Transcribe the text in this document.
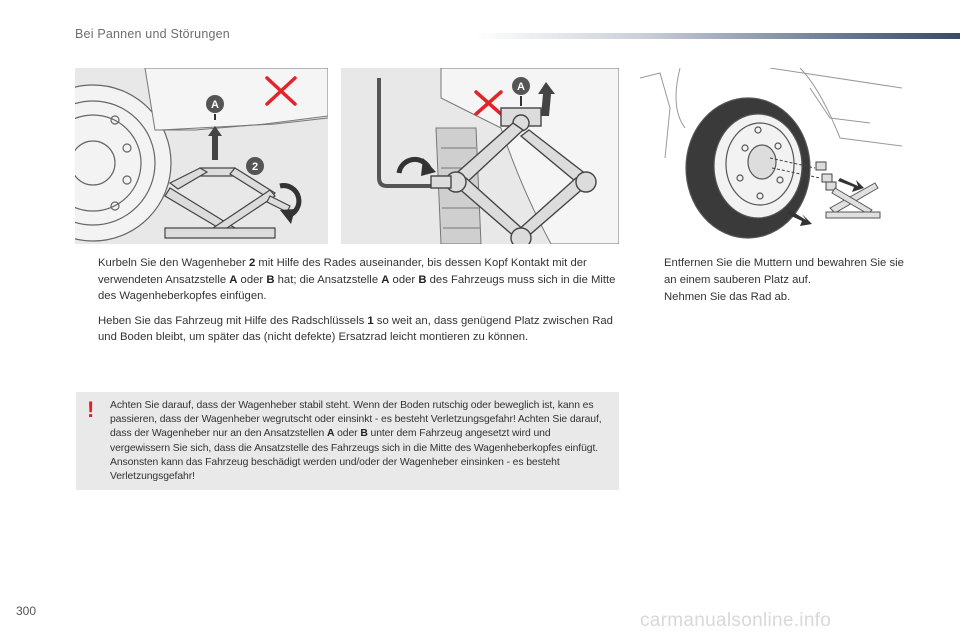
Bei Pannen und Störungen
A
2
A
Kurbeln Sie den Wagenheber 2 mit Hilfe des Rades auseinander, bis dessen Kopf Kontakt mit der verwendeten Ansatzstelle A oder B hat; die Ansatzstelle A oder B des Fahrzeugs muss sich in die Mitte des Wagenheberkopfes einfügen.
Heben Sie das Fahrzeug mit Hilfe des Radschlüssels 1 so weit an, dass genügend Platz zwischen Rad und Boden bleibt, um später das (nicht defekte) Ersatzrad leicht montieren zu können.
Entfernen Sie die Muttern und bewahren Sie sie an einem sauberen Platz auf.
Nehmen Sie das Rad ab.
! Achten Sie darauf, dass der Wagenheber stabil steht. Wenn der Boden rutschig oder beweglich ist, kann es passieren, dass der Wagenheber wegrutscht oder einsinkt - es besteht Verletzungsgefahr! Achten Sie darauf, dass der Wagenheber nur an den Ansatzstellen A oder B unter dem Fahrzeug angesetzt wird und vergewissern Sie sich, dass die Ansatzstelle des Fahrzeugs sich in die Mitte des Wagenheberkopfes einfügt. Ansonsten kann das Fahrzeug beschädigt werden und/oder der Wagenheber einsinken - es besteht Verletzungsgefahr!
300	carmanualsonline.info
